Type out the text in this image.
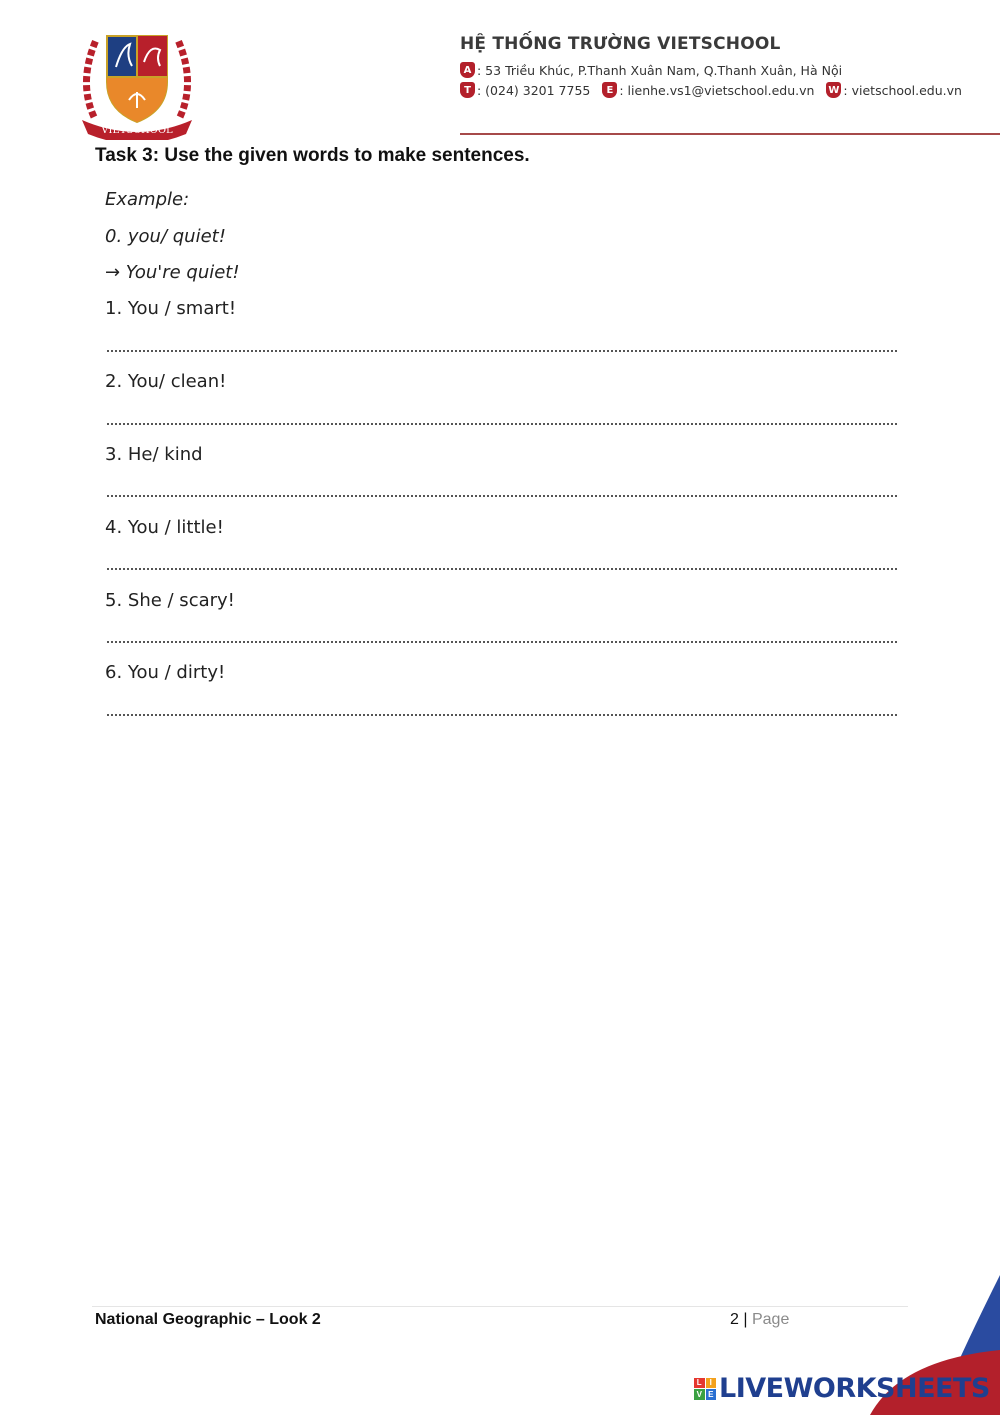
VIETSCHOOL
HỆ THỐNG TRƯỜNG VIETSCHOOL
A : 53 Triều Khúc, P.Thanh Xuân Nam, Q.Thanh Xuân, Hà Nội
T : (024) 3201 7755	E : lienhe.vs1@vietschool.edu.vn W : vietschool.edu.vn
Task 3: Use the given words to make sentences.
Example:
0. you/ quiet!
→ You're quiet!
1. You / smart!
2. You/ clean!
3. He/ kind
4. You / little!
5. She / scary!
6. You / dirty!
National Geographic – Look 2	2 | Page
L I
V E LIVEWORKSHEETS
